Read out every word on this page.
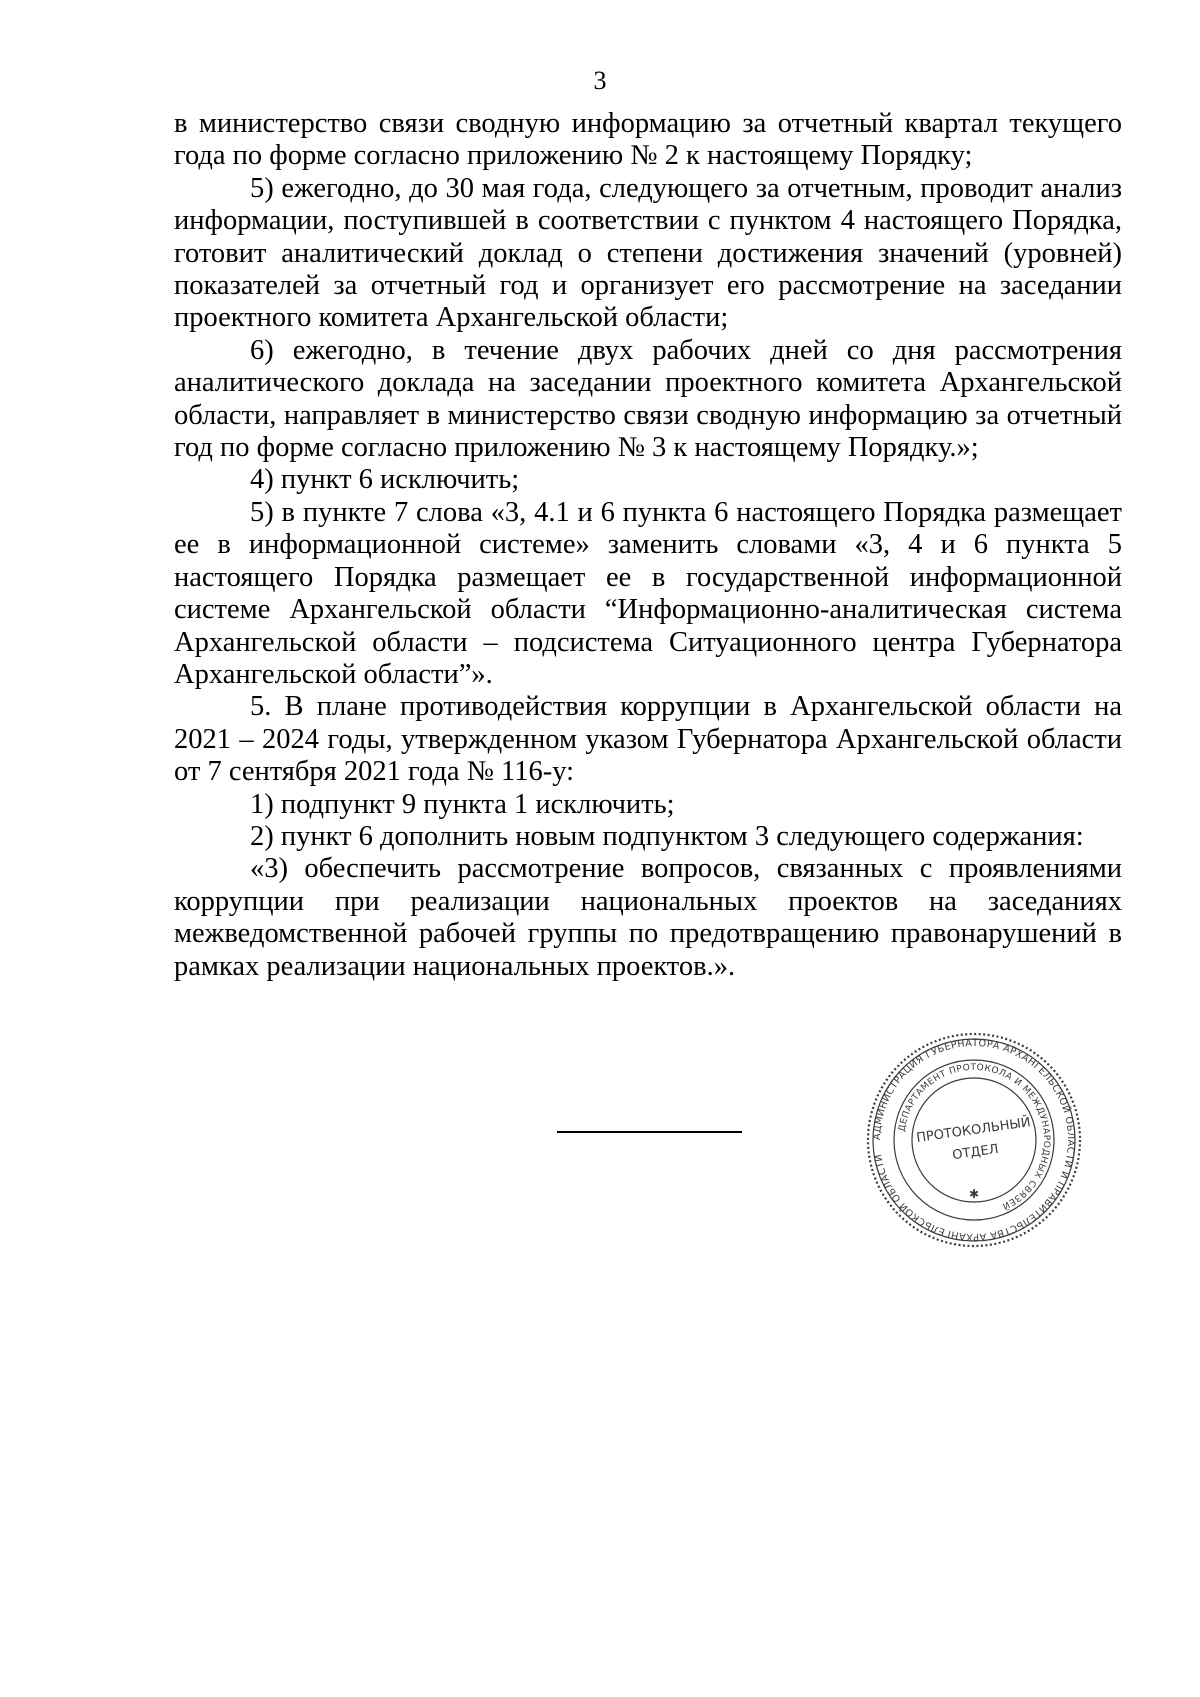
3

в министерство связи сводную информацию за отчетный квартал текущего года по форме согласно приложению № 2 к настоящему Порядку;

5) ежегодно, до 30 мая года, следующего за отчетным, проводит анализ информации, поступившей в соответствии с пунктом 4 настоящего Порядка, готовит аналитический доклад о степени достижения значений (уровней) показателей за отчетный год и организует его рассмотрение на заседании проектного комитета Архангельской области;

6) ежегодно, в течение двух рабочих дней со дня рассмотрения аналитического доклада на заседании проектного комитета Архангельской области, направляет в министерство связи сводную информацию за отчетный год по форме согласно приложению № 3 к настоящему Порядку.»;

4) пункт 6 исключить;

5) в пункте 7 слова «3, 4.1 и 6 пункта 6 настоящего Порядка размещает ее в информационной системе» заменить словами «3, 4 и 6 пункта 5 настоящего Порядка размещает ее в государственной информационной системе Архангельской области “Информационно-аналитическая система Архангельской области – подсистема Ситуационного центра Губернатора Архангельской области”».

5. В плане противодействия коррупции в Архангельской области на 2021 – 2024 годы, утвержденном указом Губернатора Архангельской области от 7 сентября 2021 года № 116-у:

1) подпункт 9 пункта 1 исключить;

2) пункт 6 дополнить новым подпунктом 3 следующего содержания:

«3) обеспечить рассмотрение вопросов, связанных с проявлениями коррупции при реализации национальных проектов на заседаниях межведомственной рабочей группы по предотвращению правонарушений в рамках реализации национальных проектов.».

АДМИНИСТРАЦИЯ ГУБЕРНАТОРА АРХАНГЕЛЬСКОЙ ОБЛАСТИ И ПРАВИТЕЛЬСТВА АРХАНГЕЛЬСКОЙ ОБЛАСТИ
ДЕПАРТАМЕНТ ПРОТОКОЛА И МЕЖДУНАРОДНЫХ СВЯЗЕЙ
ПРОТОКОЛЬНЫЙ
ОТДЕЛ
✱
